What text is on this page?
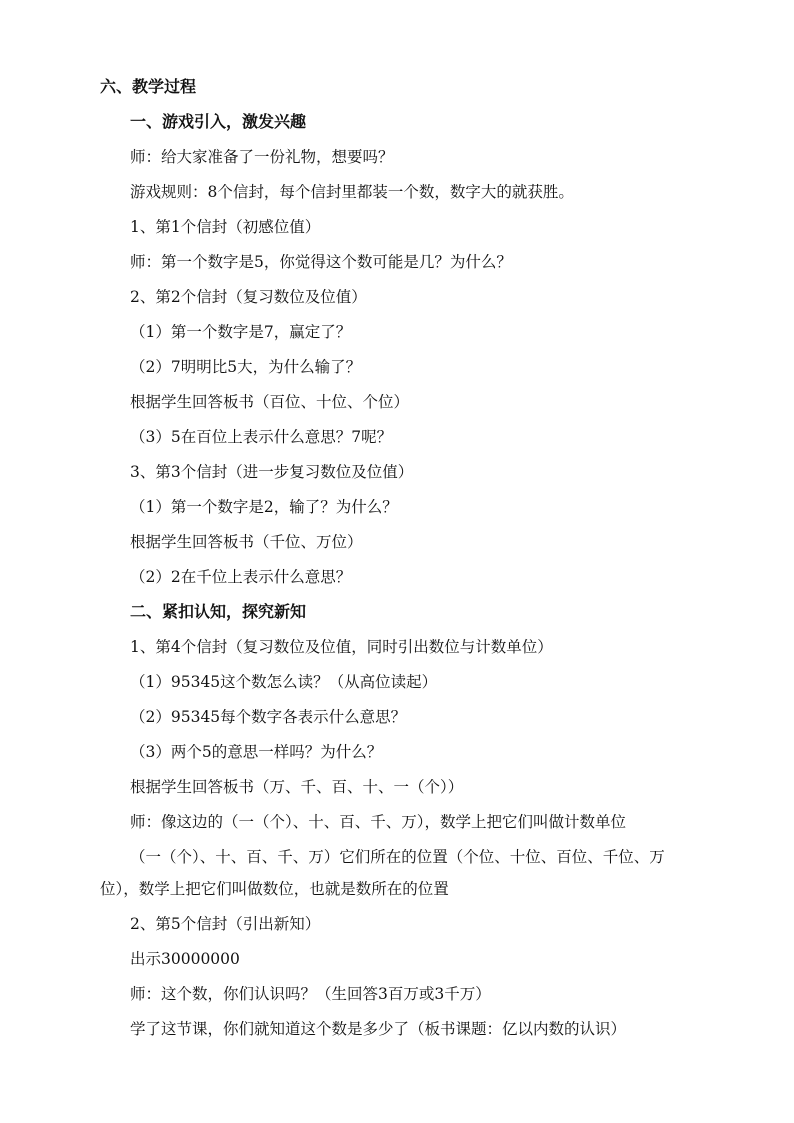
六、教学过程
一、游戏引入，激发兴趣
师：给大家准备了一份礼物，想要吗？
游戏规则：8个信封，每个信封里都装一个数，数字大的就获胜。
1、第1个信封（初感位值）
师：第一个数字是5，你觉得这个数可能是几？为什么？
2、第2个信封（复习数位及位值）
（1）第一个数字是7，赢定了？
（2）7明明比5大，为什么输了？
根据学生回答板书（百位、十位、个位）
（3）5在百位上表示什么意思？7呢？
3、第3个信封（进一步复习数位及位值）
（1）第一个数字是2，输了？为什么？
根据学生回答板书（千位、万位）
（2）2在千位上表示什么意思？
二、紧扣认知，探究新知
1、第4个信封（复习数位及位值，同时引出数位与计数单位）
（1）95345这个数怎么读？（从高位读起）
（2）95345每个数字各表示什么意思？
（3）两个5的意思一样吗？为什么？
根据学生回答板书（万、千、百、十、一（个））
师：像这边的（一（个）、十、百、千、万），数学上把它们叫做计数单位
（一（个）、十、百、千、万）它们所在的位置（个位、十位、百位、千位、万
位），数学上把它们叫做数位，也就是数所在的位置
2、第5个信封（引出新知）
出示30000000
师：这个数，你们认识吗？（生回答3百万或3千万）
学了这节课，你们就知道这个数是多少了（板书课题：亿以内数的认识）
